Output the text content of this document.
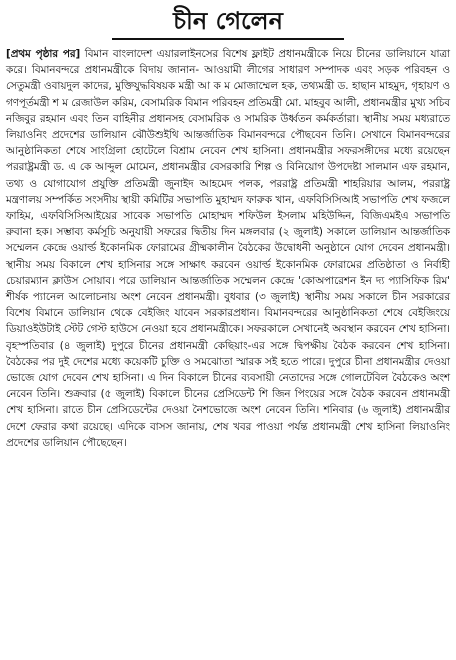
চীন গেলেন
[প্রথম পৃষ্ঠার পর] বিমান বাংলাদেশ এয়ারলাইনসের বিশেষ ফ্লাইট প্রধানমন্ত্রীকে নিয়ে চীনের ডালিয়ানে যাত্রা করে। বিমানবন্দরে প্রধানমন্ত্রীকে বিদায় জানান- আওয়ামী লীগের সাধারণ সম্পাদক এবং সড়ক পরিবহন ও সেতুমন্ত্রী ওবায়দুল কাদের, মুক্তিযুদ্ধবিষয়ক মন্ত্রী আ ক ম মোজাম্মেল হক, তথ্যমন্ত্রী ড. হাছান মাহমুদ, গৃহায়ণ ও গণপূর্তমন্ত্রী শ ম রেজাউল করিম, বেসামরিক বিমান পরিবহন প্রতিমন্ত্রী মো. মাহবুব আলী, প্রধানমন্ত্রীর মুখ্য সচিব নজিবুর রহমান এবং তিন বাহিনীর প্রধানসহ বেসামরিক ও সামরিক উর্ধ্বতন কর্মকর্তারা। স্থানীয় সময় মধ্যরাতে লিয়াওনিং প্রদেশের ডালিয়ান ঝৌউশুইথি আন্তর্জাতিক বিমানবন্দরে পৌছবেন তিনি। সেখানে বিমানবন্দরের আনুষ্ঠানিকতা শেষে সাংগ্রিলা হোটেলে বিশ্রাম নেবেন শেখ হাসিনা। প্রধানমন্ত্রীর সফরসঙ্গীদের মধ্যে রয়েছেন পররাষ্ট্রমন্ত্রী ড. এ কে আব্দুল মোমেন, প্রধানমন্ত্রীর বেসরকারি শিল্প ও বিনিয়োগ উপদেষ্টা সালমান এফ রহমান, তথ্য ও যোগাযোগ প্রযুক্তি প্রতিমন্ত্রী জুনাইদ আহমেদ পলক, পররাষ্ট্র প্রতিমন্ত্রী শাহরিয়ার আলম, পররাষ্ট্র মন্ত্রণালয় সম্পর্কিত সংসদীয় স্থায়ী কমিটির সভাপতি মুহাম্মদ ফারুক খান, এফবিসিসিআই সভাপতি শেখ ফজলে ফাহিম, এফবিসিসিআইয়ের সাবেক সভাপতি মোহাম্মদ শফিউল ইসলাম মহিউদ্দিন, বিজিএমইএ সভাপতি রুবানা হক। সম্ভাব্য কর্মসূচি অনুযায়ী সফরের দ্বিতীয় দিন মঙ্গলবার (২ জুলাই) সকালে ডালিয়ান আন্তর্জাতিক সম্মেলন কেন্দ্রে ওয়ার্ল্ড ইকোনমিক ফোরামের গ্রীষ্মকালীন বৈঠকের উদ্বোধনী অনুষ্ঠানে যোগ দেবেন প্রধানমন্ত্রী। স্থানীয় সময় বিকালে শেখ হাসিনার সঙ্গে সাক্ষাৎ করবেন ওয়ার্ল্ড ইকোনমিক ফোরামের প্রতিষ্ঠাতা ও নির্বাহী চেয়ারম্যান ক্লাউস সোয়াব। পরে ডালিয়ান আন্তর্জাতিক সম্মেলন কেন্দ্রে 'কোঅপারেশন ইন দ্য প্যাসিফিক রিম' শীর্ষক প্যানেল আলোচনায় অংশ নেবেন প্রধানমন্ত্রী। বুধবার (৩ জুলাই) স্থানীয় সময় সকালে চীন সরকারের বিশেষ বিমানে ডালিয়ান থেকে বেইজিং যাবেন সরকারপ্রধান। বিমানবন্দরের আনুষ্ঠানিকতা শেষে বেইজিংয়ে ডিয়াওইউটাই স্টেট গেস্ট হাউসে নেওয়া হবে প্রধানমন্ত্রীকে। সফরকালে সেখানেই অবস্থান করবেন শেখ হাসিনা। বৃহস্পতিবার (৪ জুলাই) দুপুরে চীনের প্রধানমন্ত্রী কেছিয়াং-এর সঙ্গে দ্বিপক্ষীয় বৈঠক করবেন শেখ হাসিনা। বৈঠকের পর দুই দেশের মধ্যে কয়েকটি চুক্তি ও সমঝোতা স্মারক সই হতে পারে। দুপুরে চীনা প্রধানমন্ত্রীর দেওয়া ভোজে যোগ দেবেন শেখ হাসিনা। এ দিন বিকালে চীনের ব্যবসায়ী নেতাদের সঙ্গে গোলটেবিল বৈঠকেও অংশ নেবেন তিনি। শুক্রবার (৫ জুলাই) বিকালে চীনের প্রেসিডেন্ট শি জিন পিংয়ের সঙ্গে বৈঠক করবেন প্রধানমন্ত্রী শেখ হাসিনা। রাতে চীন প্রেসিডেন্টের দেওয়া নৈশভোজে অংশ নেবেন তিনি। শনিবার (৬ জুলাই) প্রধানমন্ত্রীর দেশে ফেরার কথা রয়েছে। এদিকে বাসস জানায়, শেষ খবর পাওয়া পর্যন্ত প্রধানমন্ত্রী শেখ হাসিনা লিয়াওনিং প্রদেশের ডালিয়ান পৌছেছেন।
